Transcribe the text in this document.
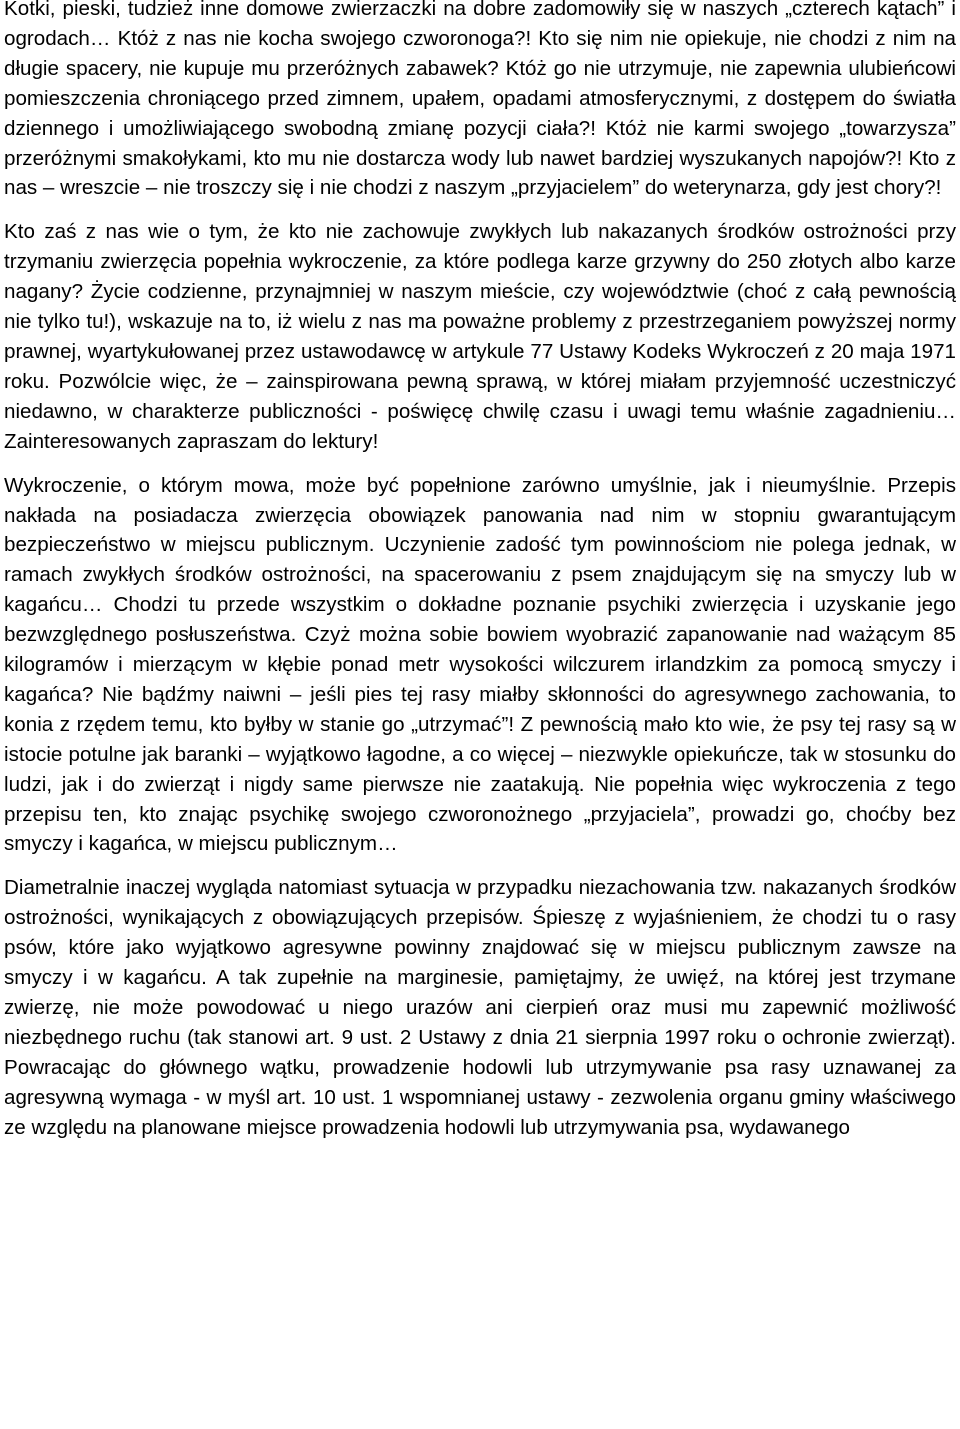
Kotki, pieski, tudzież inne domowe zwierzaczki na dobre zadomowiły się w naszych „czterech kątach” i ogrodach… Któż z nas nie kocha swojego czworonoga?! Kto się nim nie opiekuje, nie chodzi z nim na długie spacery, nie kupuje mu przeróżnych zabawek? Któż go nie utrzymuje, nie zapewnia ulubieńcowi pomieszczenia chroniącego przed zimnem, upałem, opadami atmosferycznymi, z dostępem do światła dziennego i umożliwiającego swobodną zmianę pozycji ciała?! Któż nie karmi swojego „towarzysza” przeróżnymi smakołykami, kto mu nie dostarcza wody lub nawet bardziej wyszukanych napojów?! Kto z nas – wreszcie – nie troszczy się i nie chodzi z naszym „przyjacielem” do weterynarza, gdy jest chory?!

Kto zaś z nas wie o tym, że kto nie zachowuje zwykłych lub nakazanych środków ostrożności przy trzymaniu zwierzęcia popełnia wykroczenie, za które podlega karze grzywny do 250 złotych albo karze nagany? Życie codzienne, przynajmniej w naszym mieście, czy województwie (choć z całą pewnością nie tylko tu!), wskazuje na to, iż wielu z nas ma poważne problemy z przestrzeganiem powyższej normy prawnej, wyartykułowanej przez ustawodawcę w artykule 77 Ustawy Kodeks Wykroczeń z 20 maja 1971 roku. Pozwólcie więc, że – zainspirowana pewną sprawą, w której miałam przyjemność uczestniczyć niedawno, w charakterze publiczności - poświęcę chwilę czasu i uwagi temu właśnie zagadnieniu… Zainteresowanych zapraszam do lektury!

Wykroczenie, o którym mowa, może być popełnione zarówno umyślnie, jak i nieumyślnie. Przepis nakłada na posiadacza zwierzęcia obowiązek panowania nad nim w stopniu gwarantującym bezpieczeństwo w miejscu publicznym. Uczynienie zadość tym powinnościom nie polega jednak, w ramach zwykłych środków ostrożności, na spacerowaniu z psem znajdującym się na smyczy lub w kagańcu… Chodzi tu przede wszystkim o dokładne poznanie psychiki zwierzęcia i uzyskanie jego bezwzględnego posłuszeństwa. Czyż można sobie bowiem wyobrazić zapanowanie nad ważącym 85 kilogramów i mierzącym w kłębie ponad metr wysokości wilczurem irlandzkim za pomocą smyczy i kagańca? Nie bądźmy naiwni – jeśli pies tej rasy miałby skłonności do agresywnego zachowania, to konia z rzędem temu, kto byłby w stanie go „utrzymać”! Z pewnością mało kto wie, że psy tej rasy są w istocie potulne jak baranki – wyjątkowo łagodne, a co więcej – niezwykle opiekuńcze, tak w stosunku do ludzi, jak i do zwierząt i nigdy same pierwsze nie zaatakują. Nie popełnia więc wykroczenia z tego przepisu ten, kto znając psychikę swojego czworonożnego „przyjaciela”, prowadzi go, choćby bez smyczy i kagańca, w miejscu publicznym…

Diametralnie inaczej wygląda natomiast sytuacja w przypadku niezachowania tzw. nakazanych środków ostrożności, wynikających z obowiązujących przepisów. Śpieszę z wyjaśnieniem, że chodzi tu o rasy psów, które jako wyjątkowo agresywne powinny znajdować się w miejscu publicznym zawsze na smyczy i w kagańcu. A tak zupełnie na marginesie, pamiętajmy, że uwięź, na której jest trzymane zwierzę, nie może powodować u niego urazów ani cierpień oraz musi mu zapewnić możliwość niezbędnego ruchu (tak stanowi art. 9 ust. 2 Ustawy z dnia 21 sierpnia 1997 roku o ochronie zwierząt). Powracając do głównego wątku, prowadzenie hodowli lub utrzymywanie psa rasy uznawanej za agresywną wymaga - w myśl art. 10 ust. 1 wspomnianej ustawy - zezwolenia organu gminy właściwego ze względu na planowane miejsce prowadzenia hodowli lub utrzymywania psa, wydawanego
